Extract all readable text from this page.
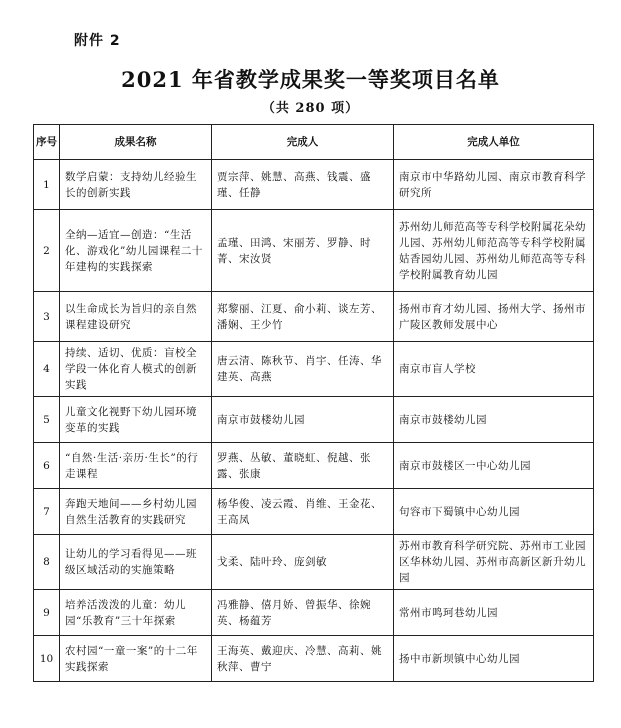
附件 2
2021 年省教学成果奖一等奖项目名单
（共 280 项）
序号	成果名称	完成人	完成人单位
1	数学启蒙：支持幼儿经验生长的创新实践	贾宗萍、姚慧、高燕、钱震、盛瑾、任静	南京市中华路幼儿园、南京市教育科学研究所
2	全纳—适宜—创造：“生活化、游戏化”幼儿园课程二十年建构的实践探索	孟瑾、田鸿、宋丽芳、罗静、时菁、宋汝贤	苏州幼儿师范高等专科学校附属花朵幼儿园、苏州幼儿师范高等专科学校附属姑香园幼儿园、苏州幼儿师范高等专科学校附属教育幼儿园
3	以生命成长为旨归的亲自然课程建设研究	郑黎丽、江夏、俞小莉、谈左芳、潘娴、王少竹	扬州市育才幼儿园、扬州大学、扬州市广陵区教师发展中心
4	持续、适切、优质：盲校全学段一体化育人模式的创新实践	唐云清、陈秋节、肖宇、任涛、华建英、高燕	南京市盲人学校
5	儿童文化视野下幼儿园环境变革的实践	南京市鼓楼幼儿园	南京市鼓楼幼儿园
6	“自然·生活·亲历·生长”的行走课程	罗燕、丛敏、董晓虹、倪越、张露、张康	南京市鼓楼区一中心幼儿园
7	奔跑天地间——乡村幼儿园自然生活教育的实践研究	杨华俊、凌云霞、肖维、王金花、王高凤	句容市下蜀镇中心幼儿园
8	让幼儿的学习看得见——班级区域活动的实施策略	戈柔、陆叶玲、庞剑敏	苏州市教育科学研究院、苏州市工业园区华林幼儿园、苏州市高新区新升幼儿园
9	培养活泼泼的儿童：幼儿园“乐教育”三十年探索	冯雅静、僖月娇、曾振华、徐婉英、杨蕴芳	常州市鸣珂巷幼儿园
10	农村园“一童一案”的十二年实践探索	王海英、戴迎庆、冷慧、高莉、姚秋萍、曹宁	扬中市新坝镇中心幼儿园
